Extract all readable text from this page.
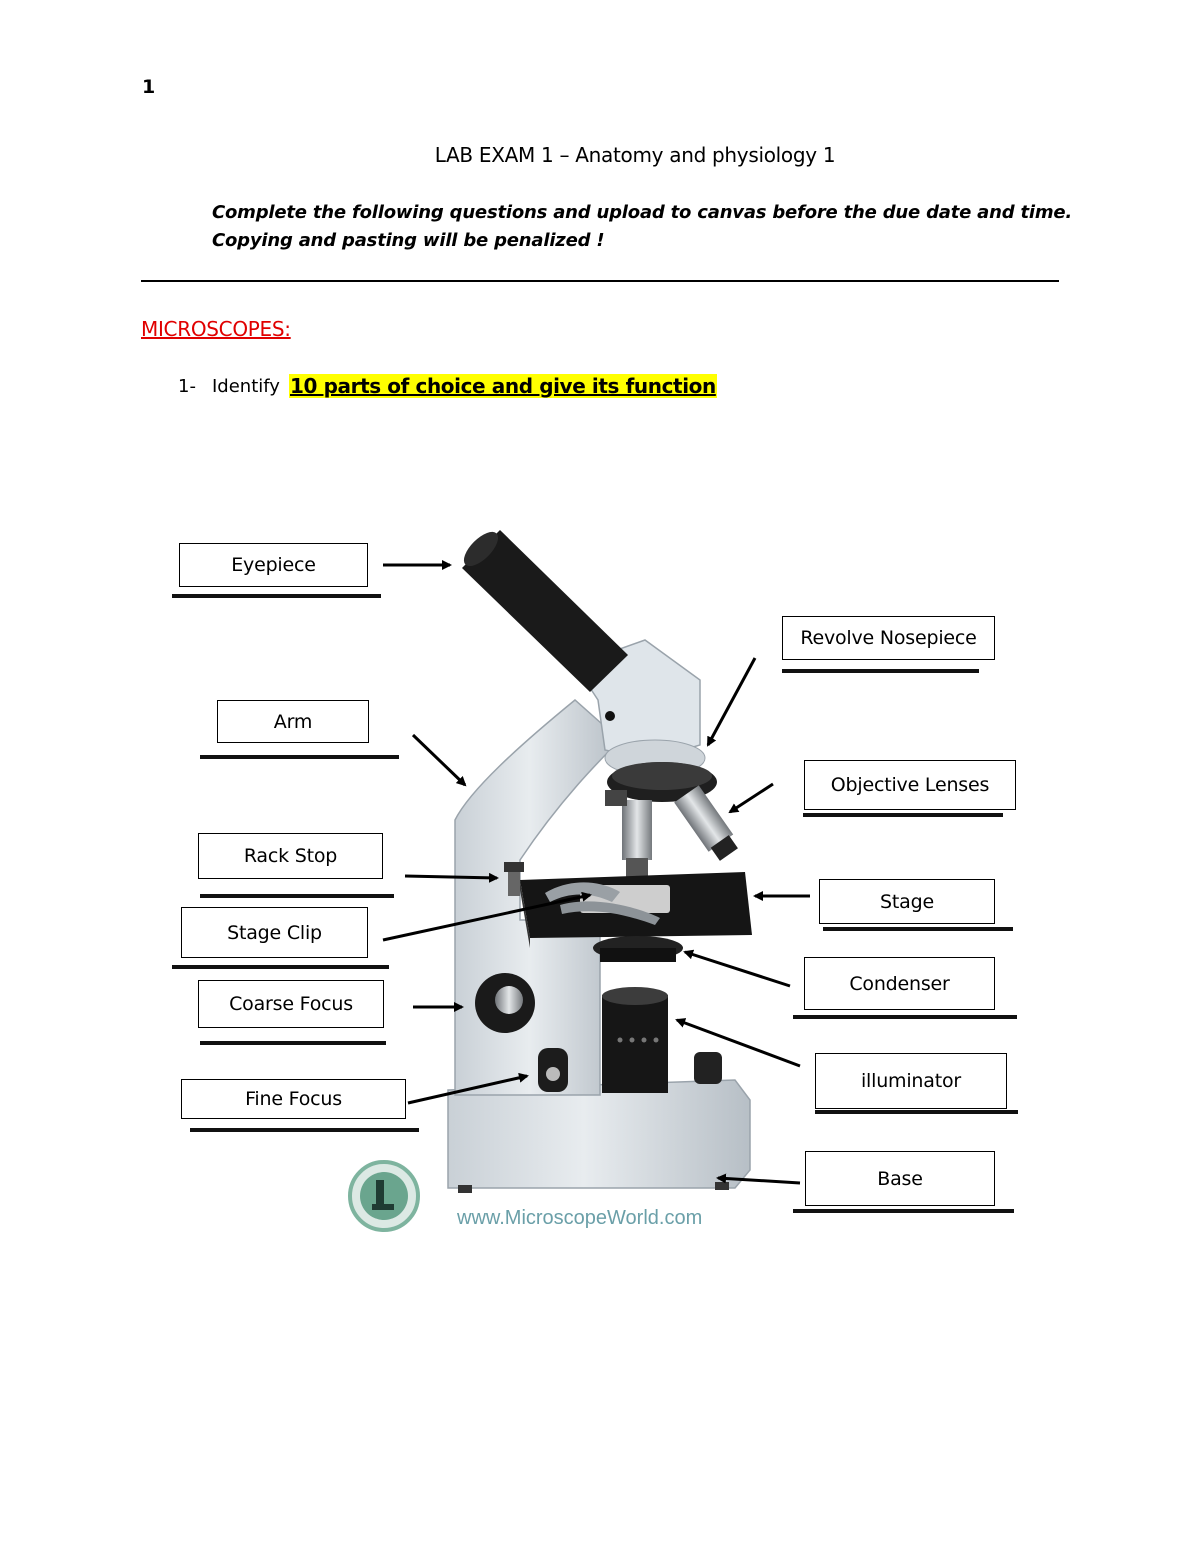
1
LAB EXAM 1 – Anatomy and physiology 1
Complete the following questions and upload to canvas before the due date and time.
Copying and pasting will be penalized !
MICROSCOPES:
1- Identify 10 parts of choice and give its function
www.MicroscopeWorld.com
Eyepiece
Arm
Rack Stop
Stage Clip
Coarse Focus
Fine Focus
Revolve Nosepiece
Objective Lenses
Stage
Condenser
illuminator
Base
